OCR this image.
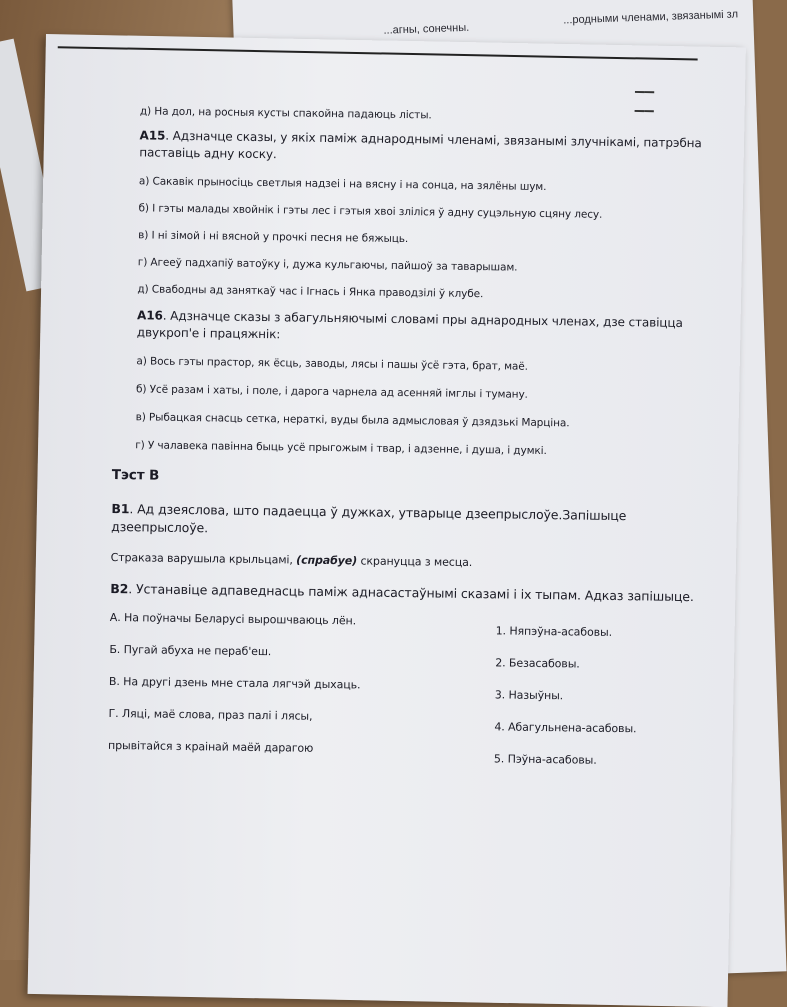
...агны, сонечны.
...родными членами, звязанымі зл
——
——
д) На дол, на росныя кусты спакойна падаюць лісты.
А15. Адзначце сказы, у якіх паміж аднароднымі членамі, звязанымі злучнікамі, патрэбна
паставіць адну коску.
а) Сакавік прыносіць светлыя надзеі і на вясну і на сонца, на зялёны шум.
б) І гэты малады хвойнік і гэты лес і гэтыя хвоі зліліся ў адну суцэльную сцяну лесу.
в) І ні зімой і ні вясной у прочкі песня не бяжыць.
г) Агееў падхапіў ватоўку і, дужа кульгаючы, пайшоў за таварышам.
д) Свабодны ад заняткаў час і Ігнась і Янка праводзілі ў клубе.
А16. Адзначце сказы з абагульняючымі словамі пры аднародных членах, дзе ставіцца
двукроп'е і працяжнік:
а) Вось гэты прастор, як ёсць, заводы, лясы і пашы ўсё гэта, брат, маё.
б) Усё разам і хаты, і поле, і дарога чарнела ад асенняй імглы і туману.
в) Рыбацкая снасць сетка, нераткі, вуды была адмысловая ў дзядзькі Марціна.
г) У чалавека павінна быць усё прыгожым і твар, і адзенне, і душа, і думкі.
Тэст В
В1. Ад дзеяслова, што падаецца ў дужках, утварыце дзеепрыслоўе.Запішыце
дзеепрыслоўе.
Страказа варушыла крыльцамі, (спрабуе) скрануцца з месца.
В2. Устанавіце адпаведнасць паміж аднасастаўнымі сказамі і іх тыпам. Адказ запішыце.
А. На поўначы Беларусі вырошчваюць лён.
Б. Пугай абуха не пераб'еш.
В. На другі дзень мне стала лягчэй дыхаць.
Г. Ляці, маё слова, праз палі і лясы,
прывітайся з краінай маёй дарагою
1. Няпэўна-асабовы.
2. Безасабовы.
3. Назыўны.
4. Абагульнена-асабовы.
5. Пэўна-асабовы.
